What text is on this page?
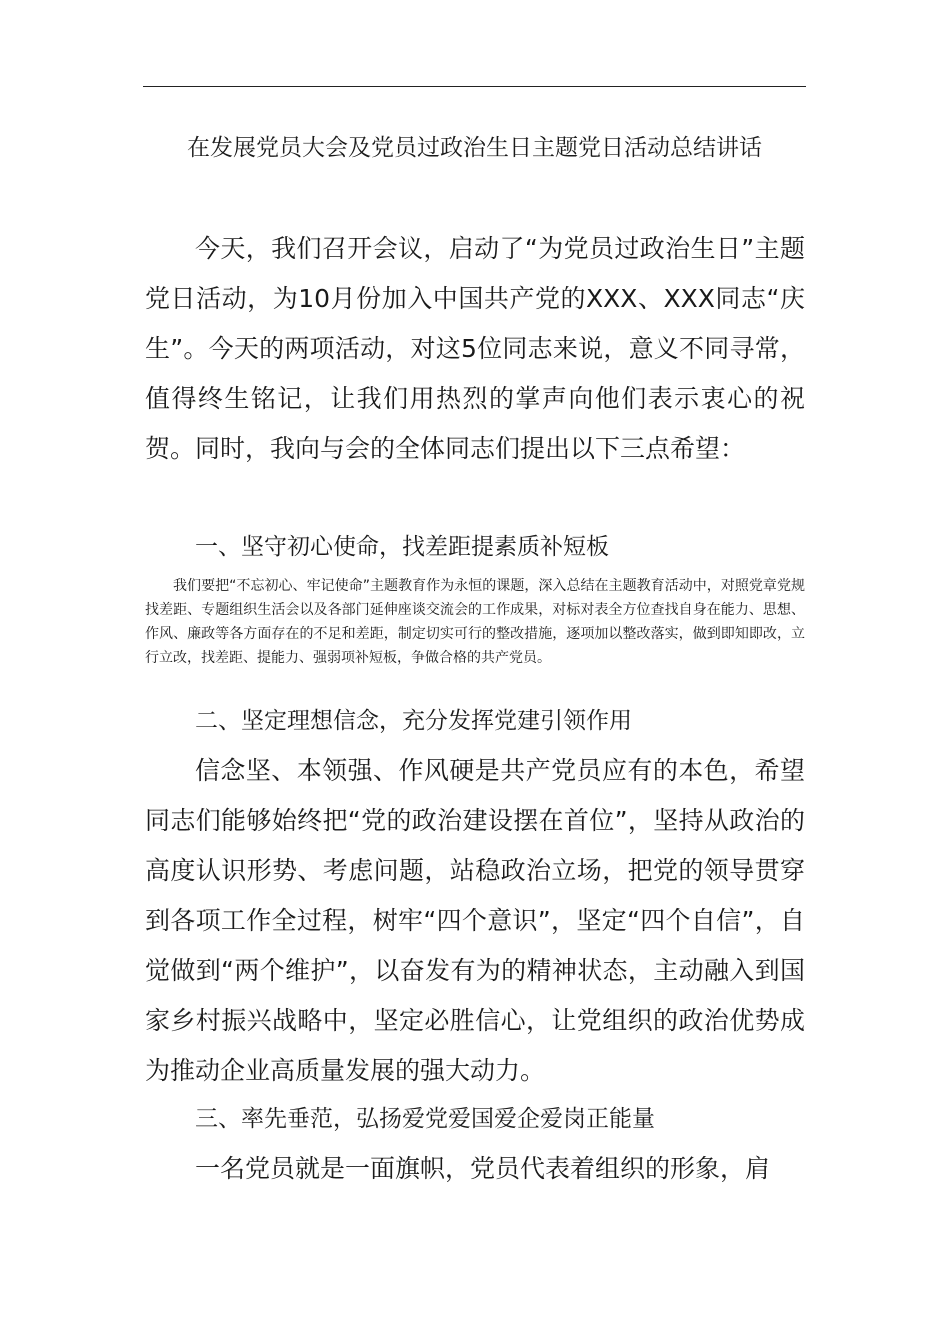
在发展党员大会及党员过政治生日主题党日活动总结讲话
今天，我们召开会议，启动了“为党员过政治生日”主题党日活动，为10月份加入中国共产党的XXX、XXX同志“庆生”。今天的两项活动，对这5位同志来说，意义不同寻常，值得终生铭记，让我们用热烈的掌声向他们表示衷心的祝贺。同时，我向与会的全体同志们提出以下三点希望：
一、坚守初心使命，找差距提素质补短板
我们要把“不忘初心、牢记使命”主题教育作为永恒的课题，深入总结在主题教育活动中，对照党章党规找差距、专题组织生活会以及各部门延伸座谈交流会的工作成果，对标对表全方位查找自身在能力、思想、作风、廉政等各方面存在的不足和差距，制定切实可行的整改措施，逐项加以整改落实，做到即知即改，立行立改，找差距、提能力、强弱项补短板，争做合格的共产党员。
二、坚定理想信念，充分发挥党建引领作用
信念坚、本领强、作风硬是共产党员应有的本色，希望同志们能够始终把“党的政治建设摆在首位”，坚持从政治的高度认识形势、考虑问题，站稳政治立场，把党的领导贯穿到各项工作全过程，树牢“四个意识”，坚定“四个自信”，自觉做到“两个维护”，以奋发有为的精神状态，主动融入到国家乡村振兴战略中，坚定必胜信心，让党组织的政治优势成为推动企业高质量发展的强大动力。
三、率先垂范，弘扬爱党爱国爱企爱岗正能量
一名党员就是一面旗帜，党员代表着组织的形象，肩
